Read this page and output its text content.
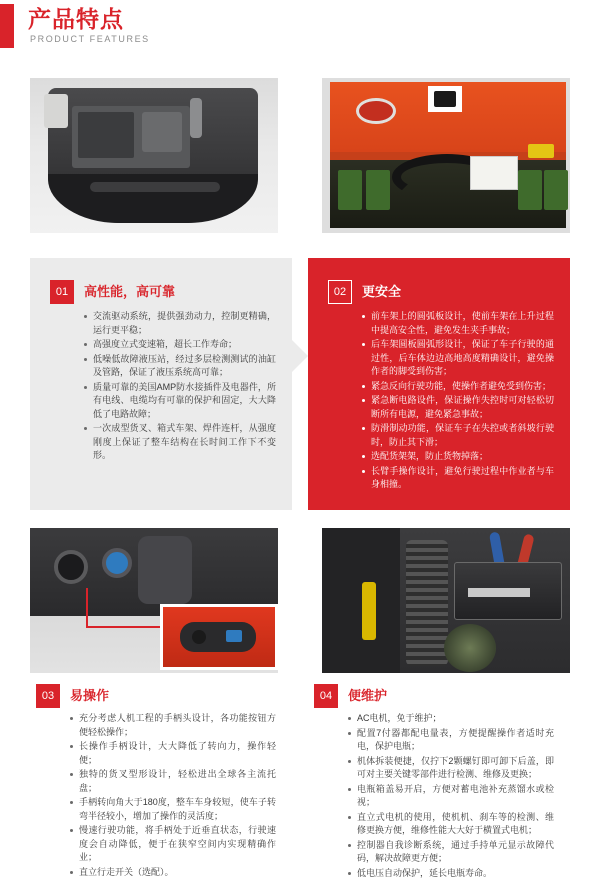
产品特点
PRODUCT FEATURES
01	高性能，高可靠
交流驱动系统，提供强劲动力，控制更精确，运行更平稳；
高强度立式变速箱，超长工作寿命；
低噪低故障液压站，经过多层检测测试的油缸及管路，保证了液压系统高可靠；
质量可靠的美国AMP防水接插件及电器件，所有电线、电缆均有可靠的保护和固定，大大降低了电路故障；
一次成型货叉、箱式车架、焊件连杆，从强度刚度上保证了整车结构在长时间工作下不变形。
02	更安全
前车架上的圆弧板设计，使前车架在上升过程中提高安全性，避免发生夹手事故；
后车架圆板圆弧形设计，保证了车子行驶的通过性，后车体边边高地高度精确设计，避免操作者的脚受到伤害；
紧急反向行驶功能，使操作者避免受到伤害；
紧急断电路设件，保证操作失控时可对轻松切断所有电源，避免紧急事故；
防滑制动功能，保证车子在失控或者斜坡行驶时，防止其下滑；
选配货架架，防止货物掉落；
长臂手操作设计，避免行驶过程中作业者与车身相撞。
03	易操作
充分考虑人机工程的手柄头设计，各功能按钮方便轻松操作；
长操作手柄设计，大大降低了转向力，操作轻便；
独特的货叉型形设计，轻松进出全球各主流托盘；
手柄转向角大于180度，整车车身较短，使车子转弯半径较小，增加了操作的灵活度；
慢速行驶功能，将手柄处于近垂直状态，行驶速度会自动降低，便于在狭窄空间内实现精确作业；
直立行走开关（选配）。
04	便维护
AC电机，免于维护；
配置7付器都配电量表，方便提醒操作者适时充电，保护电瓶；
机体拆装便捷，仅拧下2颗螺钉即可卸下后盖，即可对主要关键零部件进行检测、维修及更换；
电瓶箱盖易开启，方便对蓄电池补充蒸馏水或检视；
直立式电机的使用，使机机、刹车等的检测、维修更换方便，维修性能大大好于横置式电机；
控制器自我诊断系统，通过手持单元显示故障代码，解决故障更方便；
低电压自动保护，延长电瓶寿命。
